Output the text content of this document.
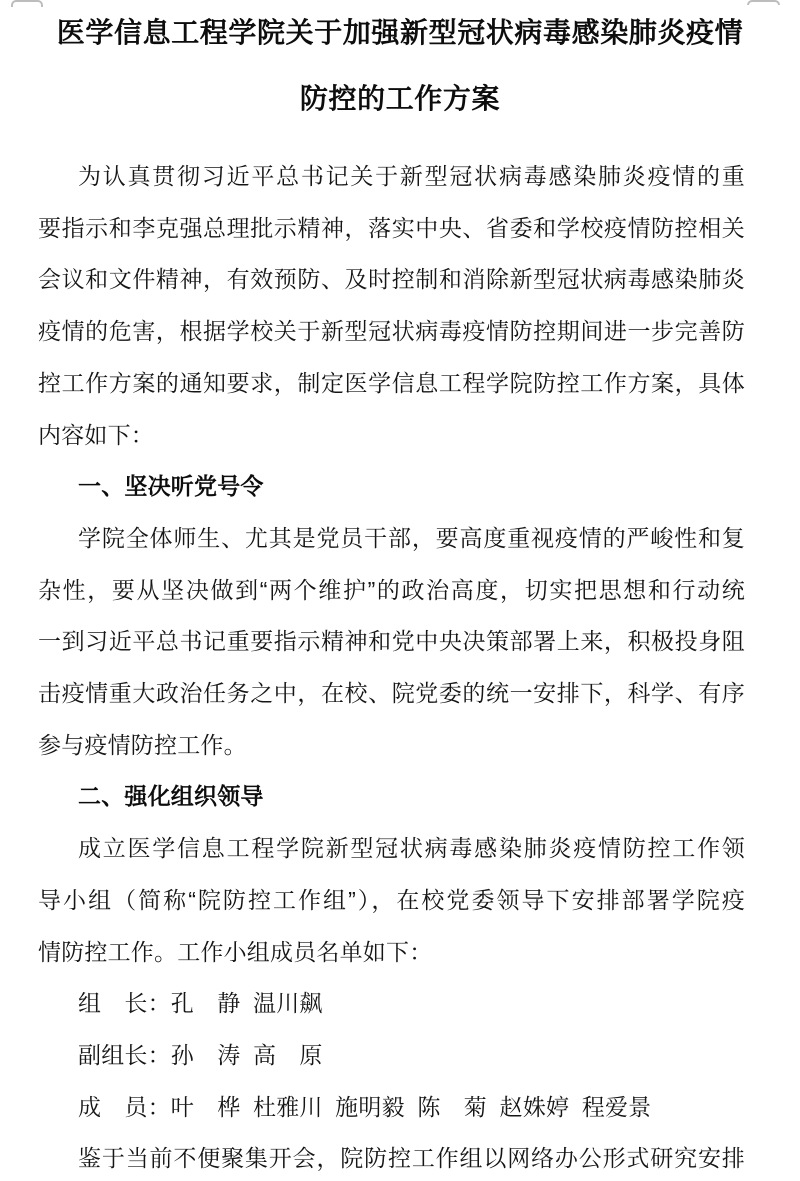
医学信息工程学院关于加强新型冠状病毒感染肺炎疫情
防控的工作方案
为认真贯彻习近平总书记关于新型冠状病毒感染肺炎疫情的重
要指示和李克强总理批示精神，落实中央、省委和学校疫情防控相关
会议和文件精神，有效预防、及时控制和消除新型冠状病毒感染肺炎
疫情的危害，根据学校关于新型冠状病毒疫情防控期间进一步完善防
控工作方案的通知要求，制定医学信息工程学院防控工作方案，具体
内容如下：
一、坚决听党号令
学院全体师生、尤其是党员干部，要高度重视疫情的严峻性和复
杂性，要从坚决做到“两个维护”的政治高度，切实把思想和行动统
一到习近平总书记重要指示精神和党中央决策部署上来，积极投身阻
击疫情重大政治任务之中，在校、院党委的统一安排下，科学、有序
参与疫情防控工作。
二、强化组织领导
成立医学信息工程学院新型冠状病毒感染肺炎疫情防控工作领
导小组（简称“院防控工作组”），在校党委领导下安排部署学院疫
情防控工作。工作小组成员名单如下：
组　长：孔　静 温川飙
副组长：孙　涛 高　原
成　员：叶　桦 杜雅川 施明毅 陈　菊 赵姝婷 程爱景
鉴于当前不便聚集开会，院防控工作组以网络办公形式研究安排
